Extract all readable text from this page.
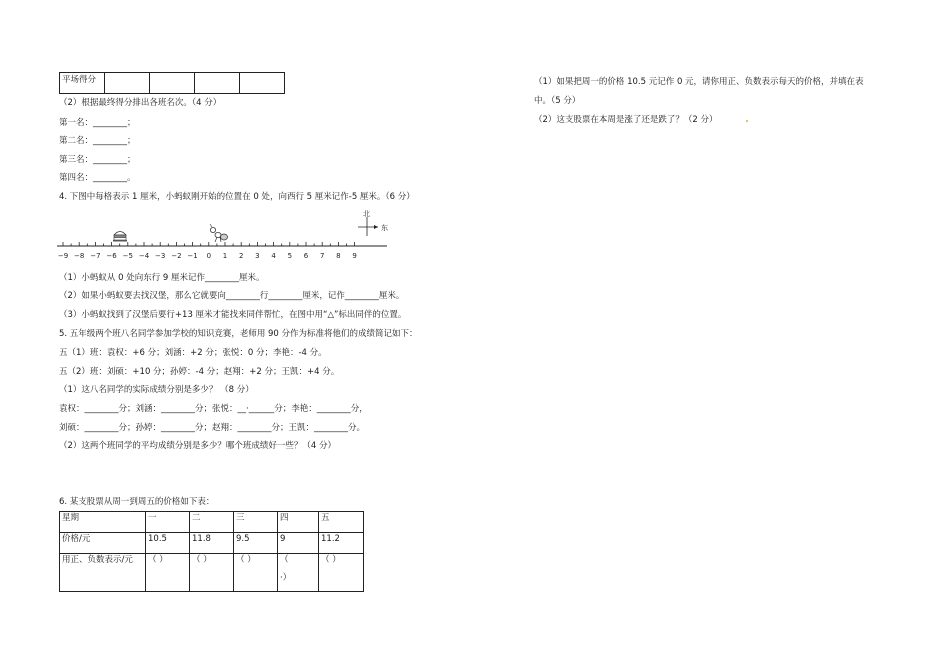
平场得分				
（2）根据最终得分排出各班名次。（4 分）
第一名：________；
第二名：________；
第三名：________；
第四名：________。
4. 下图中每格表示 1 厘米，小蚂蚁刚开始的位置在 0 处，向西行 5 厘米记作-5 厘米。（6 分）
−9 −8 −7 −6 −5 −4 −3 −2 −1 0 1 2 3 4 5 6 7 8 9
北
东
（1）小蚂蚁从 0 处向东行 9 厘米记作________厘米。
（2）如果小蚂蚁要去找汉堡，那么它就要向________行________厘米，记作________厘米。
（3）小蚂蚁找到了汉堡后要行+13 厘米才能找来同伴帮忙，在图中用“△”标出同伴的位置。
5. 五年级两个班八名同学参加学校的知识竞赛，老师用 90 分作为标准将他们的成绩简记如下：
五（1）班：袁权：+6 分；刘涵：+2 分；张悦：0 分；李艳：-4 分。
五（2）班：刘硕：+10 分；孙婷：-4 分；赵翔：+2 分；王凯：+4 分。
（1）这八名同学的实际成绩分别是多少？ （8 分）
袁权：________分；刘涵：________分；张悦：__·______分；李艳：________分，
刘硕：________分；孙婷：________分；赵翔：________分；王凯：________分。
（2）这两个班同学的平均成绩分别是多少？哪个班成绩好一些？（4 分）
6. 某支股票从周一到周五的价格如下表：
星期	一	二	三	四	五
价格/元	10.5	11.8	9.5	9	11.2
用正、负数表示/元	（ ）	（ ）	（ ）	（
·）	（ ）
（1）如果把周一的价格 10.5 元记作 0 元，请你用正、负数表示每天的价格，并填在表
中。（5 分）
（2）这支股票在本周是涨了还是跌了？（2 分）
